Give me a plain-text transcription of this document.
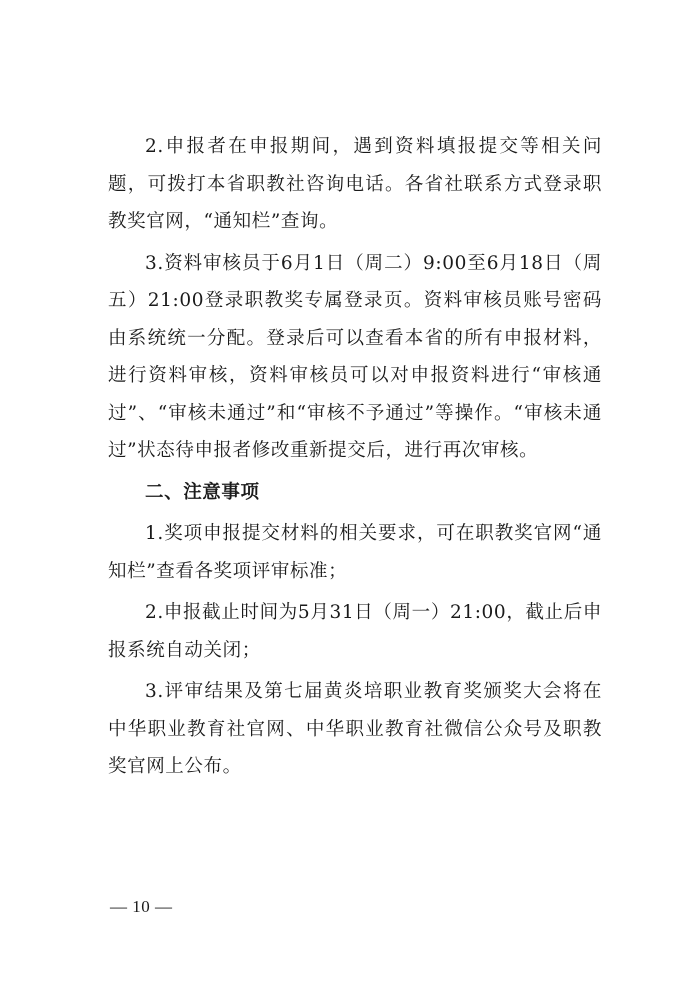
2.申报者在申报期间，遇到资料填报提交等相关问题，可拨打本省职教社咨询电话。各省社联系方式登录职教奖官网，“通知栏”查询。

3.资料审核员于6月1日（周二）9:00至6月18日（周五）21:00登录职教奖专属登录页。资料审核员账号密码由系统统一分配。登录后可以查看本省的所有申报材料，进行资料审核，资料审核员可以对申报资料进行“审核通过”、“审核未通过”和“审核不予通过”等操作。“审核未通过”状态待申报者修改重新提交后，进行再次审核。

二、注意事项

1.奖项申报提交材料的相关要求，可在职教奖官网“通知栏”查看各奖项评审标准；

2.申报截止时间为5月31日（周一）21:00，截止后申报系统自动关闭；

3.评审结果及第七届黄炎培职业教育奖颁奖大会将在中华职业教育社官网、中华职业教育社微信公众号及职教奖官网上公布。

— 10 —
